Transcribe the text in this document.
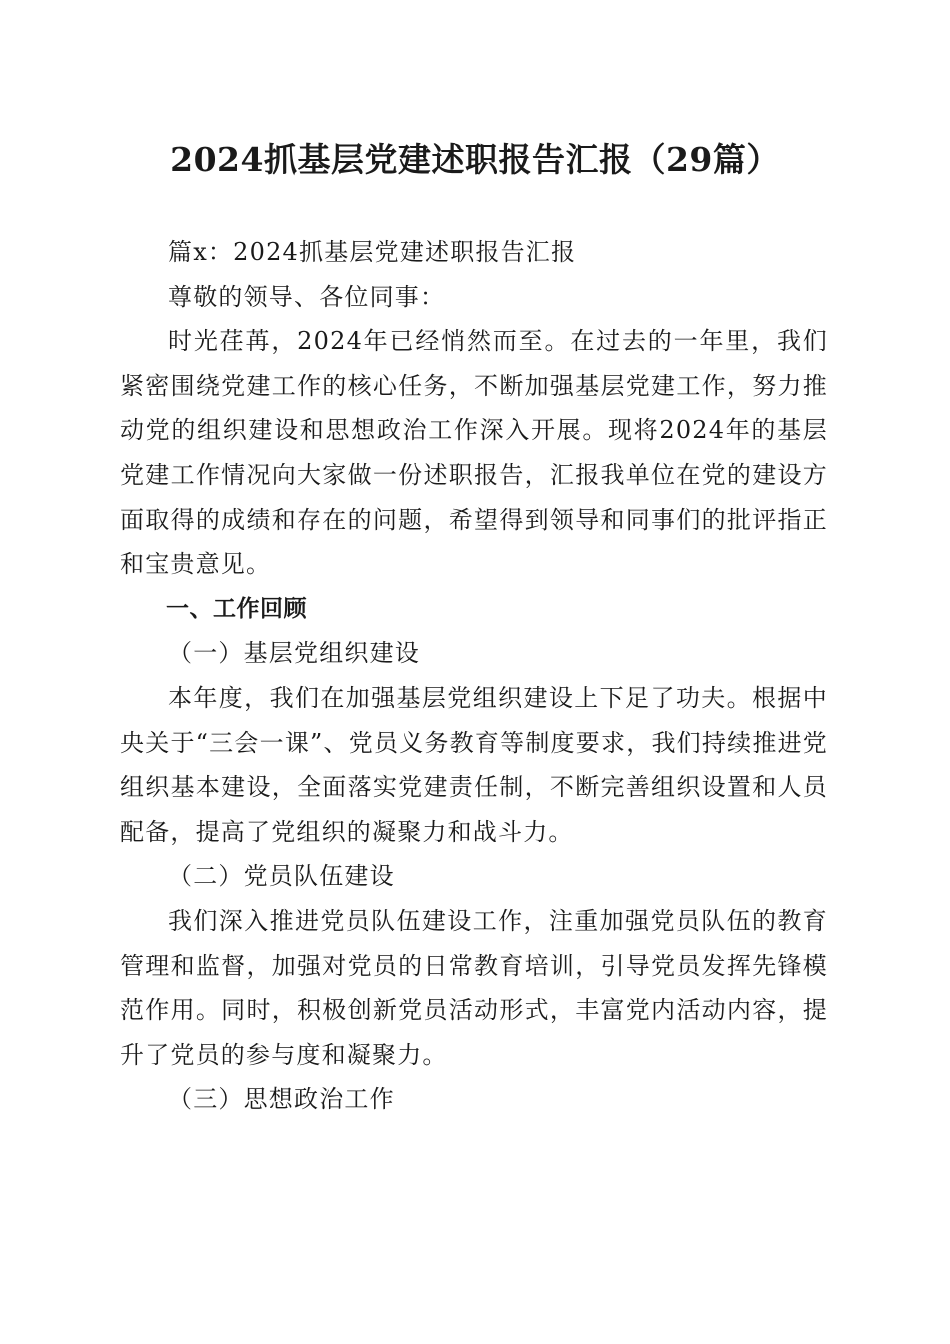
2024抓基层党建述职报告汇报（29篇）

篇x：2024抓基层党建述职报告汇报

尊敬的领导、各位同事：

时光荏苒，2024年已经悄然而至。在过去的一年里，我们紧密围绕党建工作的核心任务，不断加强基层党建工作，努力推动党的组织建设和思想政治工作深入开展。现将2024年的基层党建工作情况向大家做一份述职报告，汇报我单位在党的建设方面取得的成绩和存在的问题，希望得到领导和同事们的批评指正和宝贵意见。

一、工作回顾

（一）基层党组织建设

本年度，我们在加强基层党组织建设上下足了功夫。根据中央关于“三会一课”、党员义务教育等制度要求，我们持续推进党组织基本建设，全面落实党建责任制，不断完善组织设置和人员配备，提高了党组织的凝聚力和战斗力。

（二）党员队伍建设

我们深入推进党员队伍建设工作，注重加强党员队伍的教育管理和监督，加强对党员的日常教育培训，引导党员发挥先锋模范作用。同时，积极创新党员活动形式，丰富党内活动内容，提升了党员的参与度和凝聚力。

（三）思想政治工作
